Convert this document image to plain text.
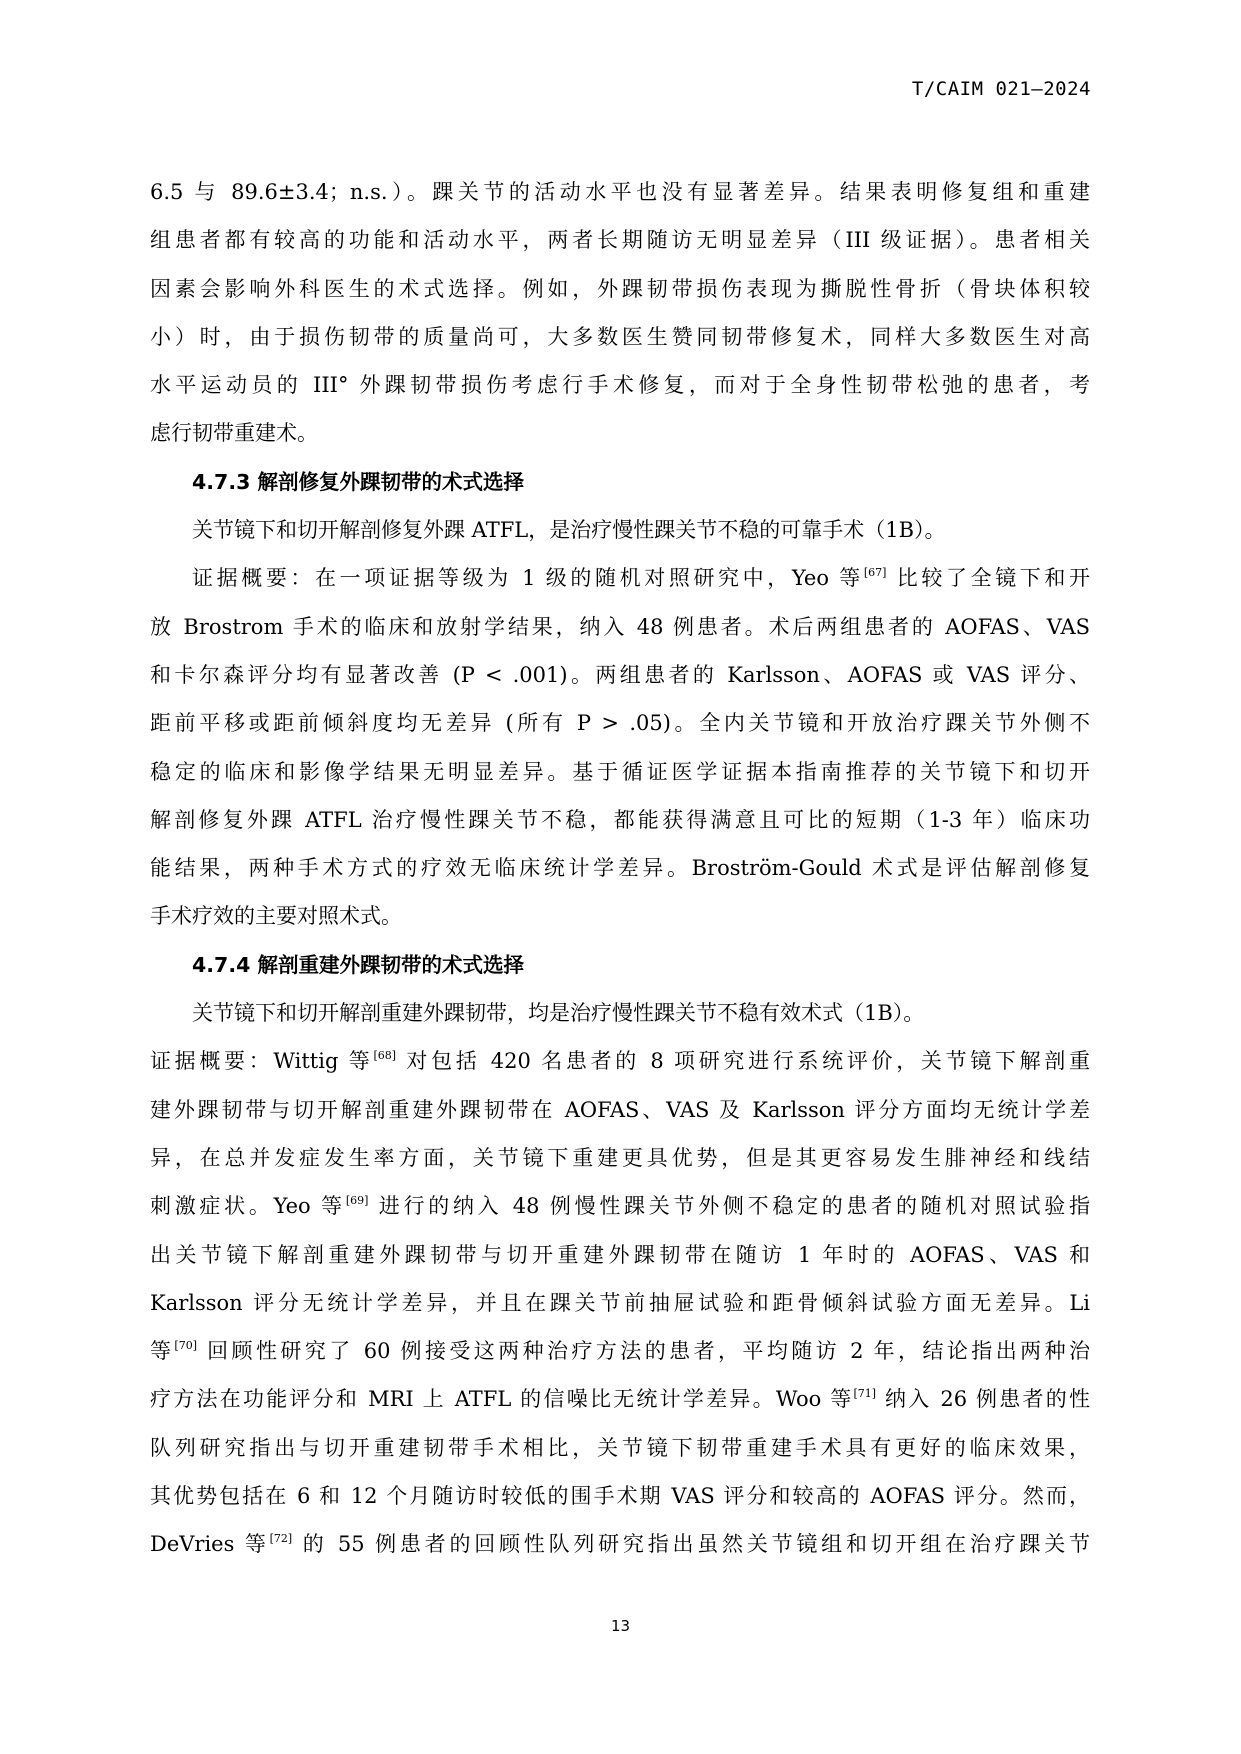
T/CAIM 021—2024
6.5 与 89.6±3.4；n.s.）。踝关节的活动水平也没有显著差异。结果表明修复组和重建
组患者都有较高的功能和活动水平，两者长期随访无明显差异（III 级证据）。患者相关
因素会影响外科医生的术式选择。例如，外踝韧带损伤表现为撕脱性骨折（骨块体积较
小）时，由于损伤韧带的质量尚可，大多数医生赞同韧带修复术，同样大多数医生对高
水平运动员的 III° 外踝韧带损伤考虑行手术修复，而对于全身性韧带松弛的患者，考
虑行韧带重建术。
4.7.3 解剖修复外踝韧带的术式选择
关节镜下和切开解剖修复外踝 ATFL，是治疗慢性踝关节不稳的可靠手术（1B）。
证据概要：在一项证据等级为 1 级的随机对照研究中，Yeo 等[67] 比较了全镜下和开
放 Brostrom 手术的临床和放射学结果，纳入 48 例患者。术后两组患者的 AOFAS、VAS
和卡尔森评分均有显著改善 (P < .001)。两组患者的 Karlsson、AOFAS 或 VAS 评分、
距前平移或距前倾斜度均无差异 (所有 P > .05)。全内关节镜和开放治疗踝关节外侧不
稳定的临床和影像学结果无明显差异。基于循证医学证据本指南推荐的关节镜下和切开
解剖修复外踝 ATFL 治疗慢性踝关节不稳，都能获得满意且可比的短期（1-3 年）临床功
能结果，两种手术方式的疗效无临床统计学差异。Broström-Gould 术式是评估解剖修复
手术疗效的主要对照术式。
4.7.4 解剖重建外踝韧带的术式选择
关节镜下和切开解剖重建外踝韧带，均是治疗慢性踝关节不稳有效术式（1B）。
证据概要：Wittig 等[68] 对包括 420 名患者的 8 项研究进行系统评价，关节镜下解剖重
建外踝韧带与切开解剖重建外踝韧带在 AOFAS、VAS 及 Karlsson 评分方面均无统计学差
异，在总并发症发生率方面，关节镜下重建更具优势，但是其更容易发生腓神经和线结
刺激症状。Yeo 等[69] 进行的纳入 48 例慢性踝关节外侧不稳定的患者的随机对照试验指
出关节镜下解剖重建外踝韧带与切开重建外踝韧带在随访 1 年时的 AOFAS、VAS 和
Karlsson 评分无统计学差异，并且在踝关节前抽屉试验和距骨倾斜试验方面无差异。Li
等[70] 回顾性研究了 60 例接受这两种治疗方法的患者，平均随访 2 年，结论指出两种治
疗方法在功能评分和 MRI 上 ATFL 的信噪比无统计学差异。Woo 等[71] 纳入 26 例患者的性
队列研究指出与切开重建韧带手术相比，关节镜下韧带重建手术具有更好的临床效果，
其优势包括在 6 和 12 个月随访时较低的围手术期 VAS 评分和较高的 AOFAS 评分。然而，
DeVries 等[72] 的 55 例患者的回顾性队列研究指出虽然关节镜组和切开组在治疗踝关节
13
